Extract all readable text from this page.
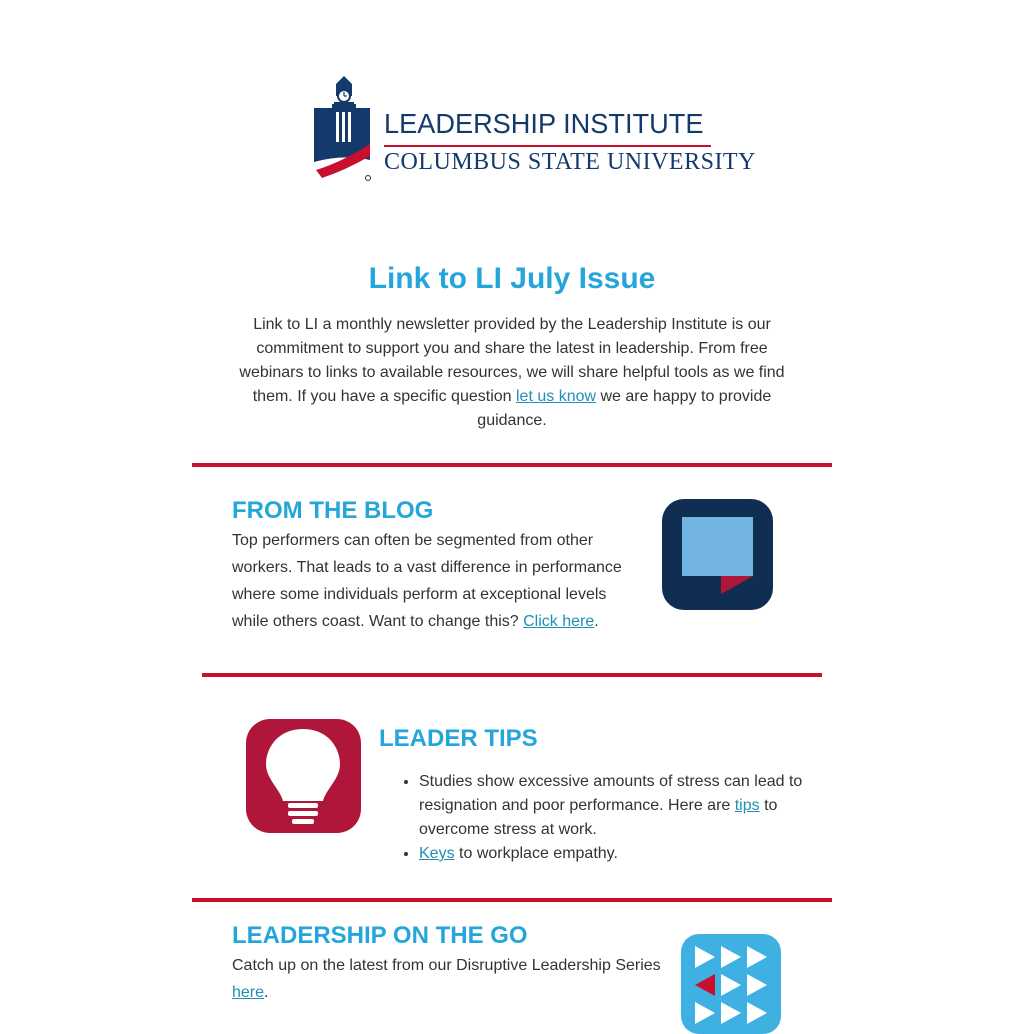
LEADERSHIP INSTITUTE
COLUMBUS STATE UNIVERSITY
Link to LI July Issue
Link to LI a monthly newsletter provided by the Leadership Institute is our commitment to support you and share the latest in leadership. From free webinars to links to available resources, we will share helpful tools as we find them. If you have a specific question let us know we are happy to provide guidance.
FROM THE BLOG
Top performers can often be segmented from other workers. That leads to a vast difference in performance where some individuals perform at exceptional levels while others coast. Want to change this? Click here.
LEADER TIPS
• Studies show excessive amounts of stress can lead to resignation and poor performance. Here are tips to overcome stress at work.
• Keys to workplace empathy.
LEADERSHIP ON THE GO
Catch up on the latest from our Disruptive Leadership Series here.
